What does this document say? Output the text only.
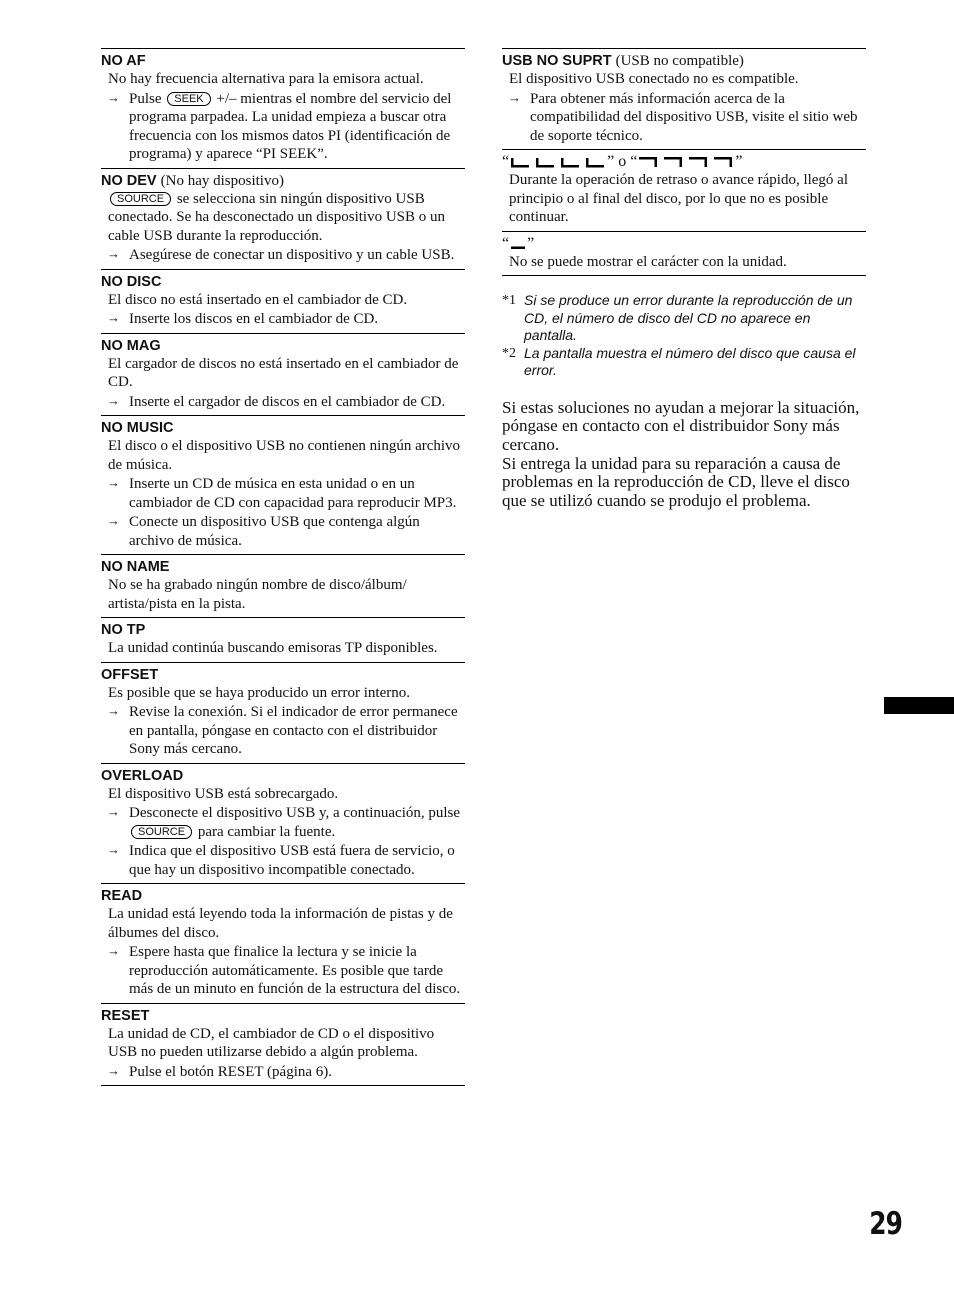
NO AF
No hay frecuencia alternativa para la emisora actual.
→ Pulse SEEK +/– mientras el nombre del servicio del programa parpadea. La unidad empieza a buscar otra frecuencia con los mismos datos PI (identificación de programa) y aparece “PI SEEK”.
NO DEV (No hay dispositivo)
SOURCE se selecciona sin ningún dispositivo USB conectado. Se ha desconectado un dispositivo USB o un cable USB durante la reproducción.
→ Asegúrese de conectar un dispositivo y un cable USB.
NO DISC
El disco no está insertado en el cambiador de CD.
→ Inserte los discos en el cambiador de CD.
NO MAG
El cargador de discos no está insertado en el cambiador de CD.
→ Inserte el cargador de discos en el cambiador de CD.
NO MUSIC
El disco o el dispositivo USB no contienen ningún archivo de música.
→ Inserte un CD de música en esta unidad o en un cambiador de CD con capacidad para reproducir MP3.
→ Conecte un dispositivo USB que contenga algún archivo de música.
NO NAME
No se ha grabado ningún nombre de disco/álbum/ artista/pista en la pista.
NO TP
La unidad continúa buscando emisoras TP disponibles.
OFFSET
Es posible que se haya producido un error interno.
→ Revise la conexión. Si el indicador de error permanece en pantalla, póngase en contacto con el distribuidor Sony más cercano.
OVERLOAD
El dispositivo USB está sobrecargado.
→ Desconecte el dispositivo USB y, a continuación, pulse SOURCE para cambiar la fuente.
→ Indica que el dispositivo USB está fuera de servicio, o que hay un dispositivo incompatible conectado.
READ
La unidad está leyendo toda la información de pistas y de álbumes del disco.
→ Espere hasta que finalice la lectura y se inicie la reproducción automáticamente. Es posible que tarde más de un minuto en función de la estructura del disco.
RESET
La unidad de CD, el cambiador de CD o el dispositivo USB no pueden utilizarse debido a algún problema.
→ Pulse el botón RESET (página 6).
USB NO SUPRT (USB no compatible)
El dispositivo USB conectado no es compatible.
→ Para obtener más información acerca de la compatibilidad del dispositivo USB, visite el sitio web de soporte técnico.
“	” o “	”
Durante la operación de retraso o avance rápido, llegó al principio o al final del disco, por lo que no es posible continuar.
“ ”
No se puede mostrar el carácter con la unidad.
*1 Si se produce un error durante la reproducción de un CD, el número de disco del CD no aparece en pantalla.
*2 La pantalla muestra el número del disco que causa el error.
Si estas soluciones no ayudan a mejorar la situación, póngase en contacto con el distribuidor Sony más cercano.
Si entrega la unidad para su reparación a causa de problemas en la reproducción de CD, lleve el disco que se utilizó cuando se produjo el problema.
29
